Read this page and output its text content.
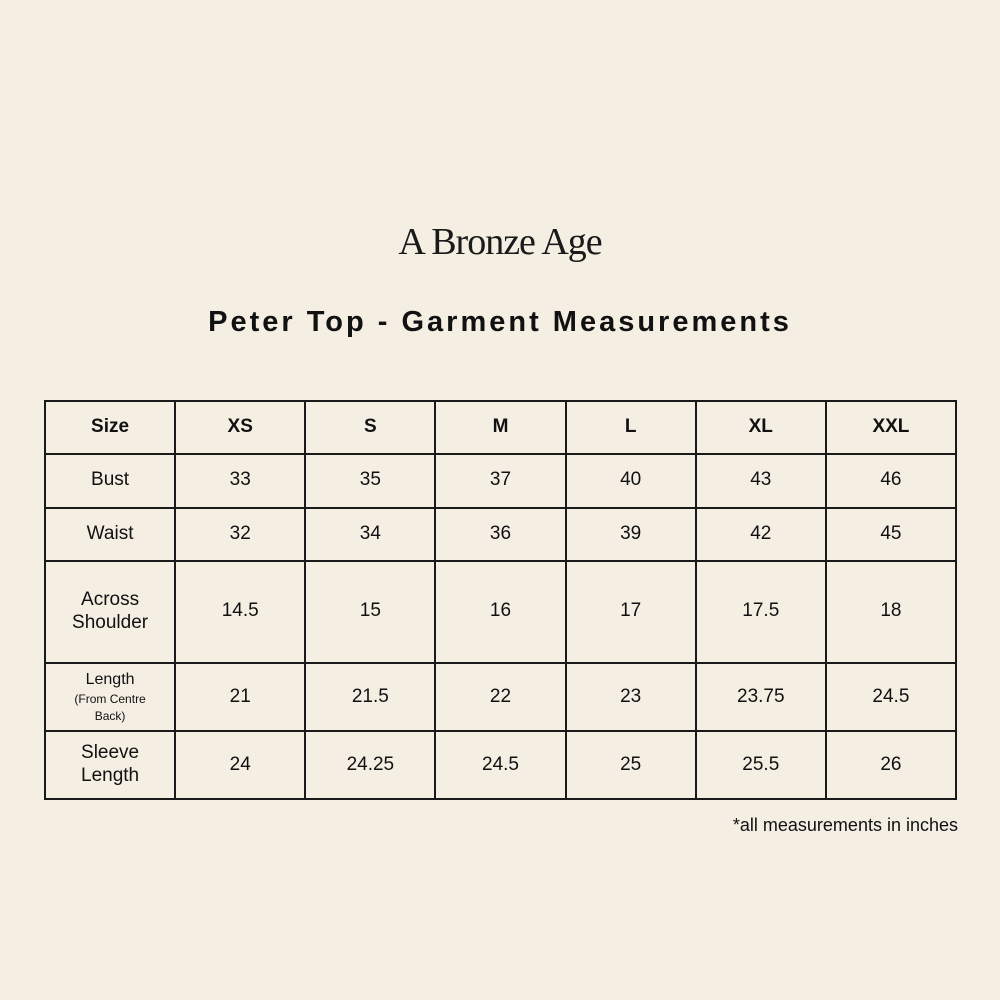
A Bronze Age
Peter Top - Garment Measurements
Size	XS	S	M	L	XL	XXL
Bust	33	35	37	40	43	46
Waist	32	34	36	39	42	45
Across
Shoulder	14.5	15	16	17	17.5	18
Length
(From Centre
Back)	21	21.5	22	23	23.75	24.5
Sleeve
Length	24	24.25	24.5	25	25.5	26
*all measurements in inches
